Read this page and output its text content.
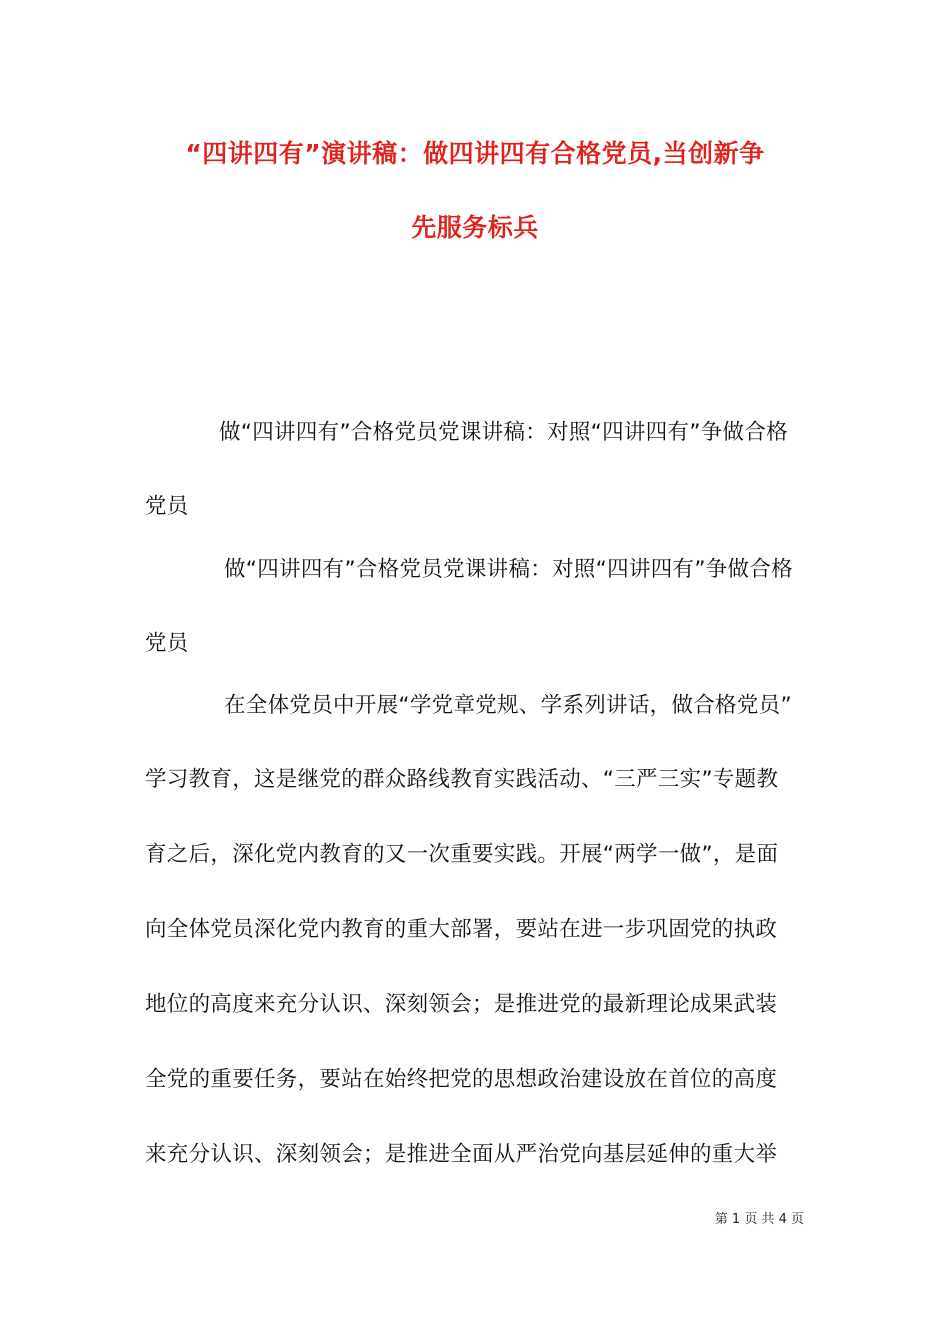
“四讲四有”演讲稿：做四讲四有合格党员,当创新争
先服务标兵
做“四讲四有”合格党员党课讲稿：对照“四讲四有”争做合格
党员
做“四讲四有”合格党员党课讲稿：对照“四讲四有”争做合格
党员
在全体党员中开展“学党章党规、学系列讲话，做合格党员”
学习教育，这是继党的群众路线教育实践活动、“三严三实”专题教
育之后，深化党内教育的又一次重要实践。开展“两学一做”，是面
向全体党员深化党内教育的重大部署，要站在进一步巩固党的执政
地位的高度来充分认识、深刻领会；是推进党的最新理论成果武装
全党的重要任务，要站在始终把党的思想政治建设放在首位的高度
来充分认识、深刻领会；是推进全面从严治党向基层延伸的重大举
第 1 页 共 4 页
